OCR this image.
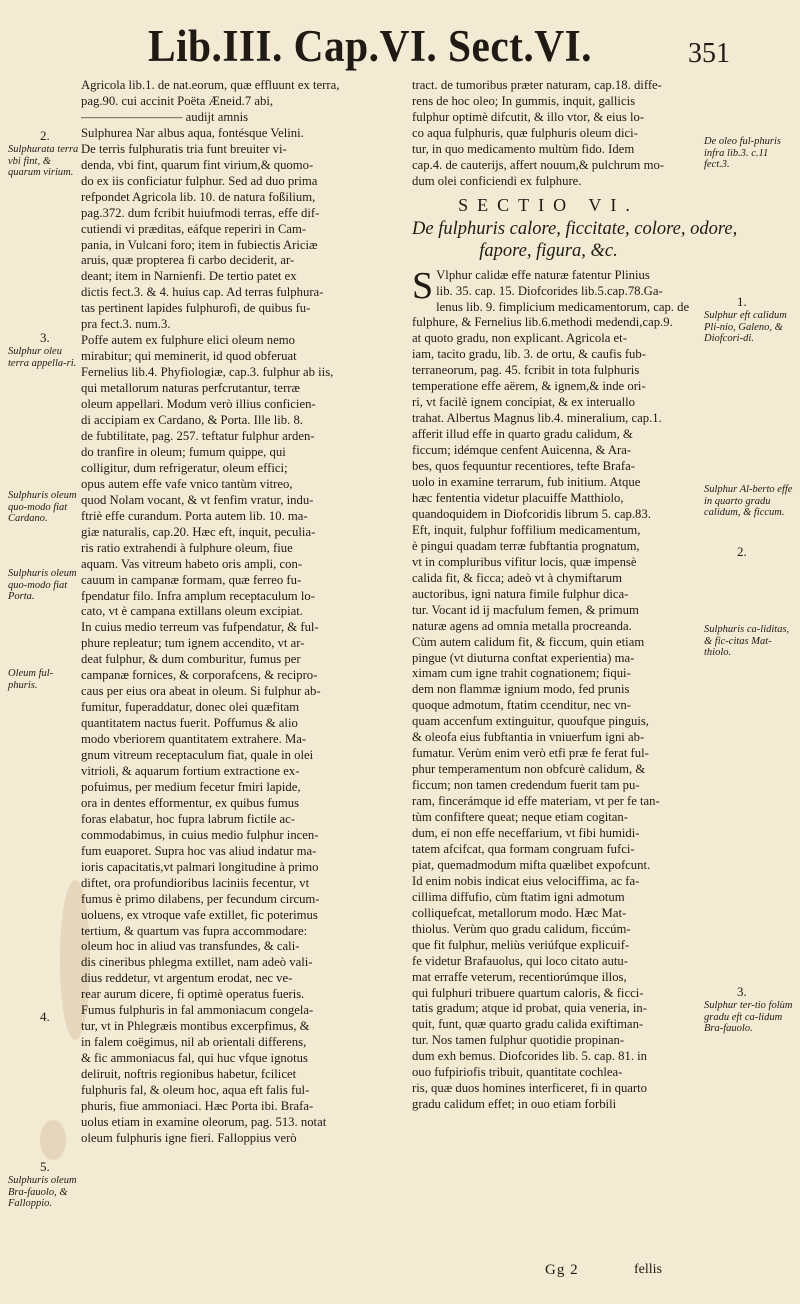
Lib.III. Cap.VI. Sect.VI.	351
Agricola lib.1. de nat.eorum, quæ effluunt ex terra,
pag.90. cui accinit Poëta Æneid.7 abi,
———————— audijt amnis
Sulphurea Nar albus aqua, fontésque Velini.
De terris fulphuratis tria funt breuiter vi-
denda, vbi fint, quarum fint virium,& quomo-
do ex iis conficiatur fulphur. Sed ad duo prima
refpondet Agricola lib. 10. de natura foßilium,
pag.372. dum fcribit huiufmodi terras, effe dif-
cutiendi vi præditas, eáfque reperiri in Cam-
pania, in Vulcani foro; item in fubiectis Ariciæ
aruis, quæ propterea fi carbo deciderit, ar-
deant; item in Narnienfi. De tertio patet ex
dictis fect.3. & 4. huius cap. Ad terras fulphura-
tas pertinent lapides fulphurofi, de quibus fu-
pra fect.3. num.3.
Poffe autem ex fulphure elici oleum nemo
mirabitur; qui meminerit, id quod obferuat
Fernelius lib.4. Phyfiologiæ, cap.3. fulphur ab iis,
qui metallorum naturas perfcrutantur, terræ
oleum appellari. Modum verò illius conficien-
di accipiam ex Cardano, & Porta. Ille lib. 8.
de fubtilitate, pag. 257. teftatur fulphur arden-
do tranfire in oleum; fumum quippe, qui
colligitur, dum refrigeratur, oleum effici;
opus autem effe vafe vnico tantùm vitreo,
quod Nolam vocant, & vt fenfim vratur, indu-
ftriè effe curandum. Porta autem lib. 10. ma-
giæ naturalis, cap.20. Hæc eft, inquit, peculia-
ris ratio extrahendi à fulphure oleum, fiue
aquam. Vas vitreum habeto oris ampli, con-
cauum in campanæ formam, quæ ferreo fu-
fpendatur filo. Infra amplum receptaculum lo-
cato, vt è campana extillans oleum excipiat.
In cuius medio terreum vas fufpendatur, & ful-
phure repleatur; tum ignem accendito, vt ar-
deat fulphur, & dum comburitur, fumus per
campanæ fornices, & corporafcens, & recipro-
caus per eius ora abeat in oleum. Si fulphur ab-
fumitur, fuperaddatur, donec olei quæfitam
quantitatem nactus fuerit. Poffumus & alio
modo vberiorem quantitatem extrahere. Ma-
gnum vitreum receptaculum fiat, quale in olei
vitrioli, & aquarum fortium extractione ex-
pofuimus, per medium fecetur fmiri lapide,
ora in dentes efformentur, ex quibus fumus
foras elabatur, hoc fupra labrum fictile ac-
commodabimus, in cuius medio fulphur incen-
fum euaporet. Supra hoc vas aliud indatur ma-
ioris capacitatis,vt palmari longitudine à primo
diftet, ora profundioribus laciniis fecentur, vt
fumus è primo dilabens, per fecundum circum-
uoluens, ex vtroque vafe extillet, fic poterimus
tertium, & quartum vas fupra accommodare:
oleum hoc in aliud vas transfundes, & cali-
dis cineribus phlegma extillet, nam adeò vali-
dius reddetur, vt argentum erodat, nec ve-
rear aurum dicere, fi optimè operatus fueris.
Fumus fulphuris in fal ammoniacum congela-
tur, vt in Phlegræis montibus excerpfimus, &
in falem coëgimus, nil ab orientali differens,
& fic ammoniacus fal, qui huc vfque ignotus
deliruit, noftris regionibus habetur, fcilicet
fulphuris fal, & oleum hoc, aqua eft falis ful-
phuris, fiue ammoniaci. Hæc Porta ibi. Brafa-
uolus etiam in examine oleorum, pag. 513. notat
oleum fulphuris igne fieri. Falloppius verò
tract. de tumoribus præter naturam, cap.18. diffe-
rens de hoc oleo; In gummis, inquit, gallicis
fulphur optimè difcutit, & illo vtor, & eius lo-
co aqua fulphuris, quæ fulphuris oleum dici-
tur, in quo medicamento multùm fido. Idem
cap.4. de cauterijs, affert nouum,& pulchrum mo-
dum olei conficiendi ex fulphure.
SECTIO VI.
De fulphuris calore, ficcitate, colore, odore,
fapore, figura, &c.
S Vlphur calidæ effe naturæ fatentur Plinius
lib. 35. cap. 15. Diofcorides lib.5.cap.78.Ga-
lenus lib. 9. fimplicium medicamentorum, cap. de
fulphure, & Fernelius lib.6.methodi medendi,cap.9.
at quoto gradu, non explicant. Agricola et-
iam, tacito gradu, lib. 3. de ortu, & caufis fub-
terraneorum, pag. 45. fcribit in tota fulphuris
temperatione effe aërem, & ignem,& inde ori-
ri, vt facilè ignem concipiat, & ex interuallo
trahat. Albertus Magnus lib.4. mineralium, cap.1.
afferit illud effe in quarto gradu calidum, &
ficcum; idémque cenfent Auicenna, & Ara-
bes, quos fequuntur recentiores, tefte Brafa-
uolo in examine terrarum, fub initium. Atque
hæc fententia videtur placuiffe Matthiolo,
quandoquidem in Diofcoridis librum 5. cap.83.
Eft, inquit, fulphur foffilium medicamentum,
è pingui quadam terræ fubftantia prognatum,
vt in compluribus vifitur locis, quæ impensè
calida fit, & ficca; adeò vt à chymiftarum
auctoribus, igni natura fimile fulphur dica-
tur. Vocant id ij macfulum femen, & primum
naturæ agens ad omnia metalla procreanda.
Cùm autem calidum fit, & ficcum, quin etiam
pingue (vt diuturna conftat experientia) ma-
ximam cum igne trahit cognationem; fiqui-
dem non flammæ ignium modo, fed prunis
quoque admotum, ftatim ccenditur, nec vn-
quam accenfum extinguitur, quoufque pinguis,
& oleofa eius fubftantia in vniuerfum igni ab-
fumatur. Verùm enim verò etfi præ fe ferat ful-
phur temperamentum non obfcurè calidum, &
ficcum; non tamen credendum fuerit tam pu-
ram, fincerámque id effe materiam, vt per fe tan-
tùm confiftere queat; neque etiam cogitan-
dum, ei non effe neceffarium, vt fibi humidi-
tatem afcifcat, qua formam congruam fufci-
piat, quemadmodum mifta quælibet expofcunt.
Id enim nobis indicat eius velociffima, ac fa-
cillima diffufio, cùm ftatim igni admotum
colliquefcat, metallorum modo. Hæc Mat-
thiolus. Verùm quo gradu calidum, ficcúm-
que fit fulphur, meliùs veriúfque explicuif-
fe videtur Brafauolus, qui loco citato autu-
mat erraffe veterum, recentiorúmque illos,
qui fulphuri tribuere quartum caloris, & ficci-
tatis gradum; atque id probat, quia veneria, in-
quit, funt, quæ quarto gradu calida exiftiman-
tur. Nos tamen fulphur quotidie propinan-
dum exh bemus. Diofcorides lib. 5. cap. 81. in
ouo fufpiriofis tribuit, quantitate cochlea-
ris, quæ duos homines interficeret, fi in quarto
gradu calidum effet; in ouo etiam forbili
2.
Sulphurata terra vbi fint, & quarum virium.
3.
Sulphur oleu terra appella-ri.
Sulphuris oleum quo-modo fiat Cardano.
Sulphuris oleum quo-modo fiat Porta.
Oleum ful-phuris.
4.
5.
Sulphuris oleum Bra-fauolo, & Falloppio.
De oleo ful-phuris infra lib.3. c.11 fect.3.
1.
Sulphur eft calidum Pli-nio, Galeno, & Diofcori-di.
Sulphur Al-berto effe in quarto gradu calidum, & ficcum.
2.
Sulphuris ca-liditas, & fic-citas Mat-thiolo.
3.
Sulphur ter-tio folùm gradu eft ca-lidum Bra-fauolo.
Gg 2	fellis
